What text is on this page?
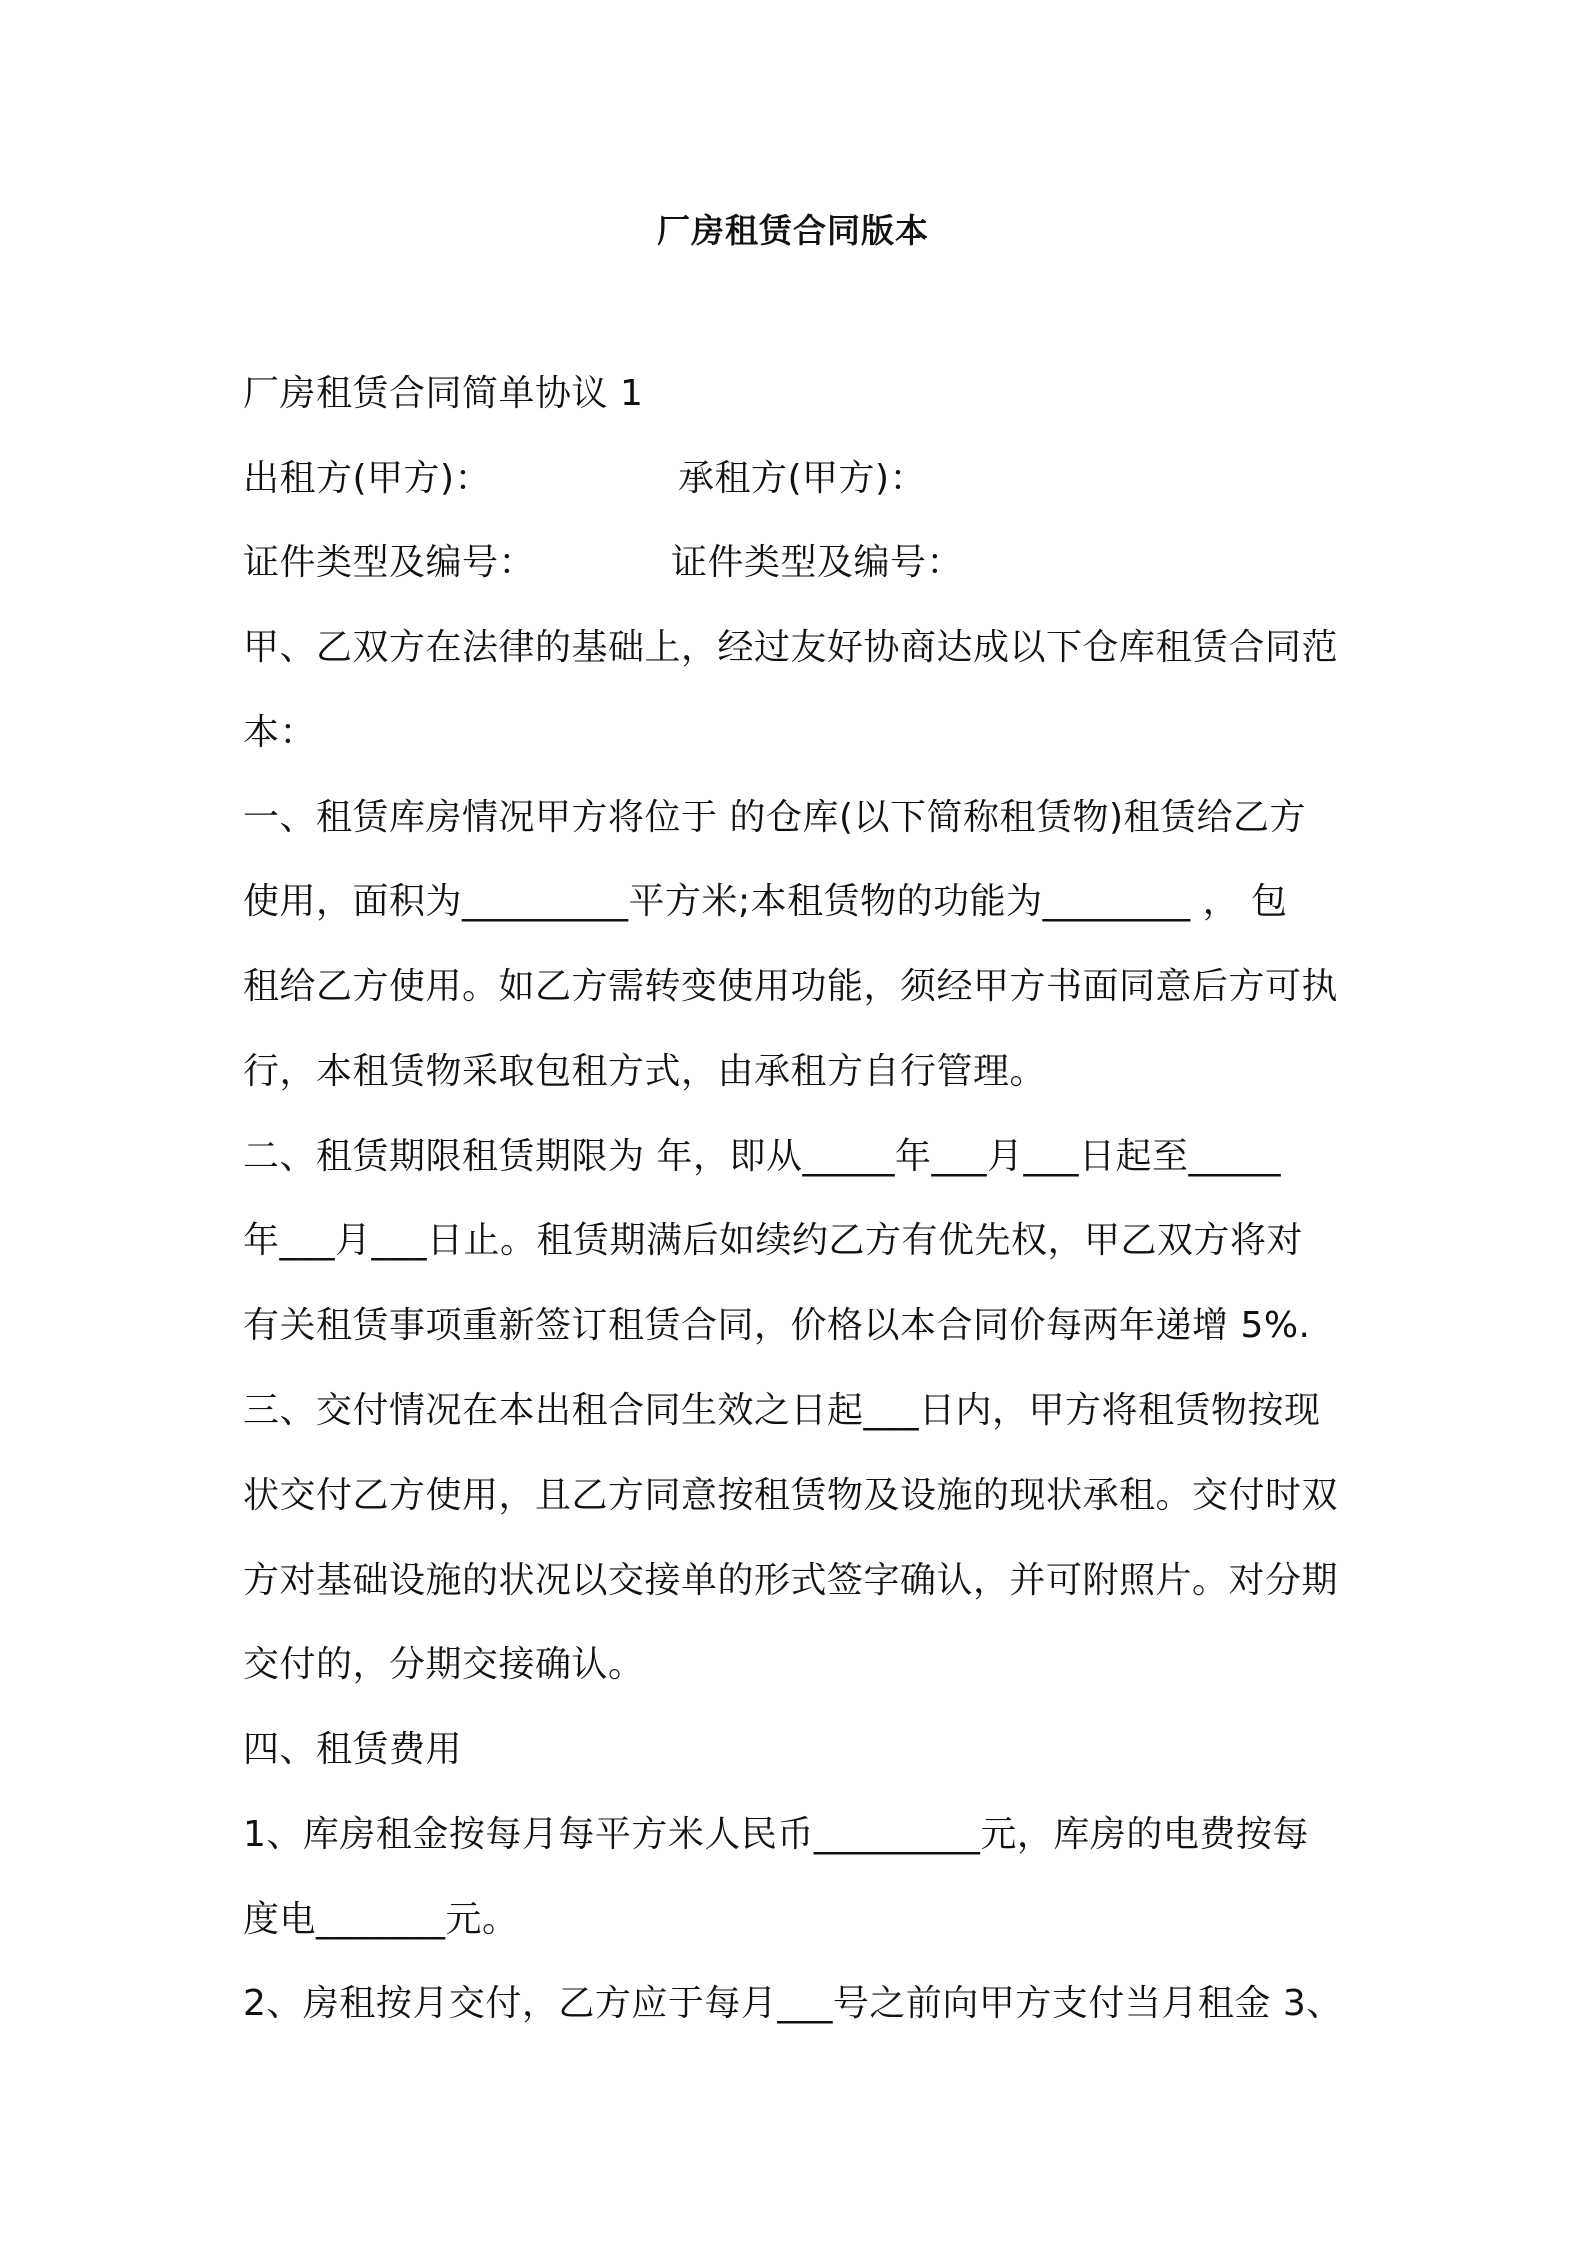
厂房租赁合同版本
厂房租赁合同简单协议 1
出租方(甲方)：	承租方(甲方)：
证件类型及编号：	证件类型及编号：
甲、乙双方在法律的基础上，经过友好协商达成以下仓库租赁合同范
本：
一、租赁库房情况甲方将位于 的仓库(以下简称租赁物)租赁给乙方
使用，面积为_________平方米;本租赁物的功能为________ ， 包
租给乙方使用。如乙方需转变使用功能，须经甲方书面同意后方可执
行，本租赁物采取包租方式，由承租方自行管理。
二、租赁期限租赁期限为 年，即从_____年___月___日起至_____
年___月___日止。租赁期满后如续约乙方有优先权，甲乙双方将对
有关租赁事项重新签订租赁合同，价格以本合同价每两年递增 5%.
三、交付情况在本出租合同生效之日起___日内，甲方将租赁物按现
状交付乙方使用，且乙方同意按租赁物及设施的现状承租。交付时双
方对基础设施的状况以交接单的形式签字确认，并可附照片。对分期
交付的，分期交接确认。
四、租赁费用
1、库房租金按每月每平方米人民币_________元，库房的电费按每
度电_______元。
2、房租按月交付，乙方应于每月___号之前向甲方支付当月租金 3、
